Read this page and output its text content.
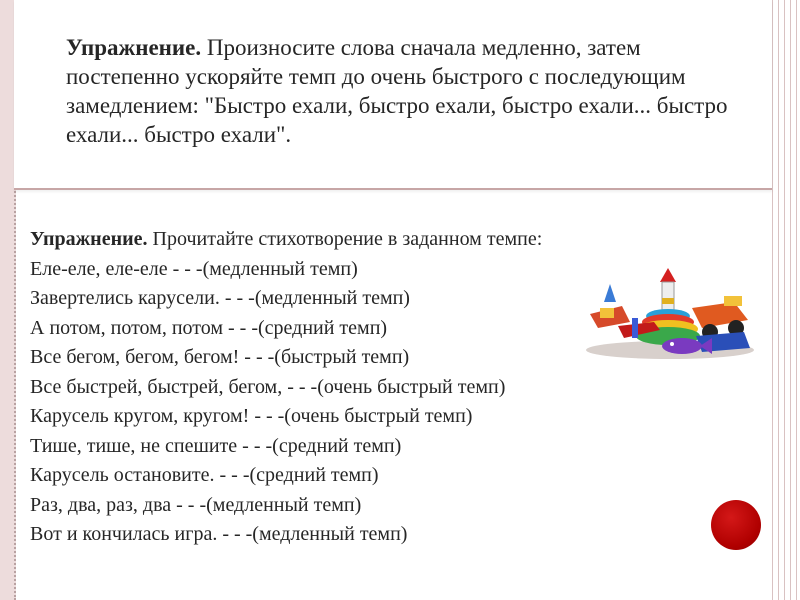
Упражнение. Произносите слова сначала медленно, затем постепенно ускоряйте темп до очень быстрого с последующим замедлением: "Быстро ехали, быстро ехали, быстро ехали... быстро ехали... быстро ехали".

Упражнение. Прочитайте стихотворение в заданном темпе:
Еле-еле, еле-еле - - -(медленный темп)
Завертелись карусели. - - -(медленный темп)
А потом, потом, потом - - -(средний темп)
Все бегом, бегом, бегом! - - -(быстрый темп)
Все быстрей, быстрей, бегом, - - -(очень быстрый темп)
Карусель кругом, кругом! - - -(очень быстрый темп)
Тише, тише, не спешите - - -(средний темп)
Карусель остановите. - - -(средний темп)
Раз, два, раз, два - - -(медленный темп)
Вот и кончилась игра. - - -(медленный темп)
